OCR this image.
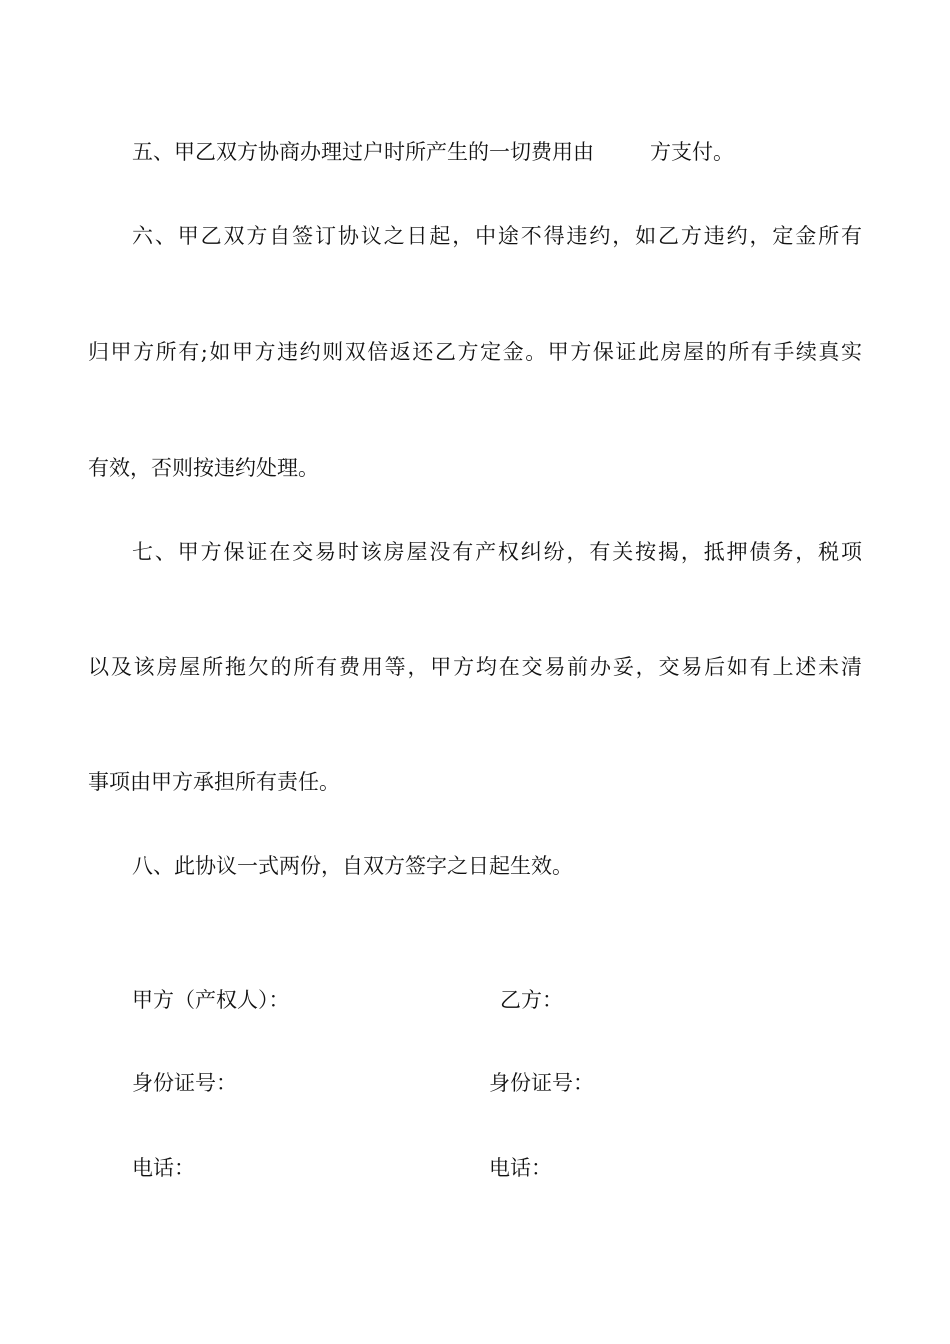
五、甲乙双方协商办理过户时所产生的一切费用由	方支付。

六、甲乙双方自签订协议之日起，中途不得违约，如乙方违约，定金所有

归甲方所有;如甲方违约则双倍返还乙方定金。甲方保证此房屋的所有手续真实

有效，否则按违约处理。

七、甲方保证在交易时该房屋没有产权纠纷，有关按揭，抵押债务，税项

以及该房屋所拖欠的所有费用等，甲方均在交易前办妥，交易后如有上述未清

事项由甲方承担所有责任。

八、此协议一式两份，自双方签字之日起生效。

甲方（产权人）：	乙方：
身份证号：	身份证号：
电话：	电话：
